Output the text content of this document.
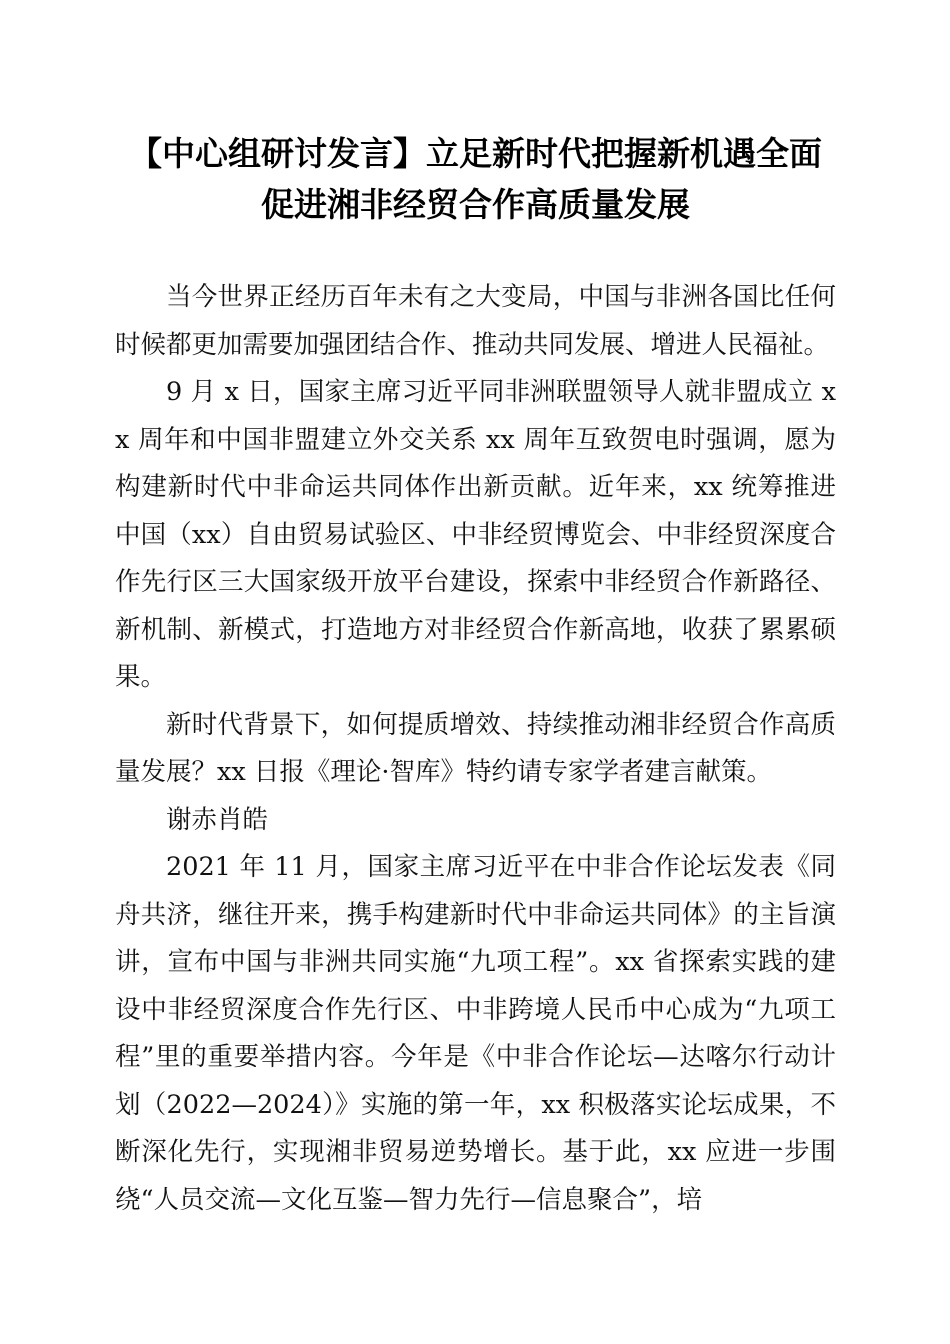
【中心组研讨发言】立足新时代把握新机遇全面促进湘非经贸合作高质量发展

当今世界正经历百年未有之大变局，中国与非洲各国比任何时候都更加需要加强团结合作、推动共同发展、增进人民福祉。

9 月 x 日，国家主席习近平同非洲联盟领导人就非盟成立 xx 周年和中国非盟建立外交关系 xx 周年互致贺电时强调，愿为构建新时代中非命运共同体作出新贡献。近年来，xx 统筹推进中国（xx）自由贸易试验区、中非经贸博览会、中非经贸深度合作先行区三大国家级开放平台建设，探索中非经贸合作新路径、新机制、新模式，打造地方对非经贸合作新高地，收获了累累硕果。

新时代背景下，如何提质增效、持续推动湘非经贸合作高质量发展？xx 日报《理论·智库》特约请专家学者建言献策。

谢赤肖皓

2021 年 11 月，国家主席习近平在中非合作论坛发表《同舟共济，继往开来，携手构建新时代中非命运共同体》的主旨演讲，宣布中国与非洲共同实施“九项工程”。xx 省探索实践的建设中非经贸深度合作先行区、中非跨境人民币中心成为“九项工程”里的重要举措内容。今年是《中非合作论坛—达喀尔行动计划（2022—2024）》实施的第一年，xx 积极落实论坛成果，不断深化先行，实现湘非贸易逆势增长。基于此，xx 应进一步围绕“人员交流—文化互鉴—智力先行—信息聚合”，培
